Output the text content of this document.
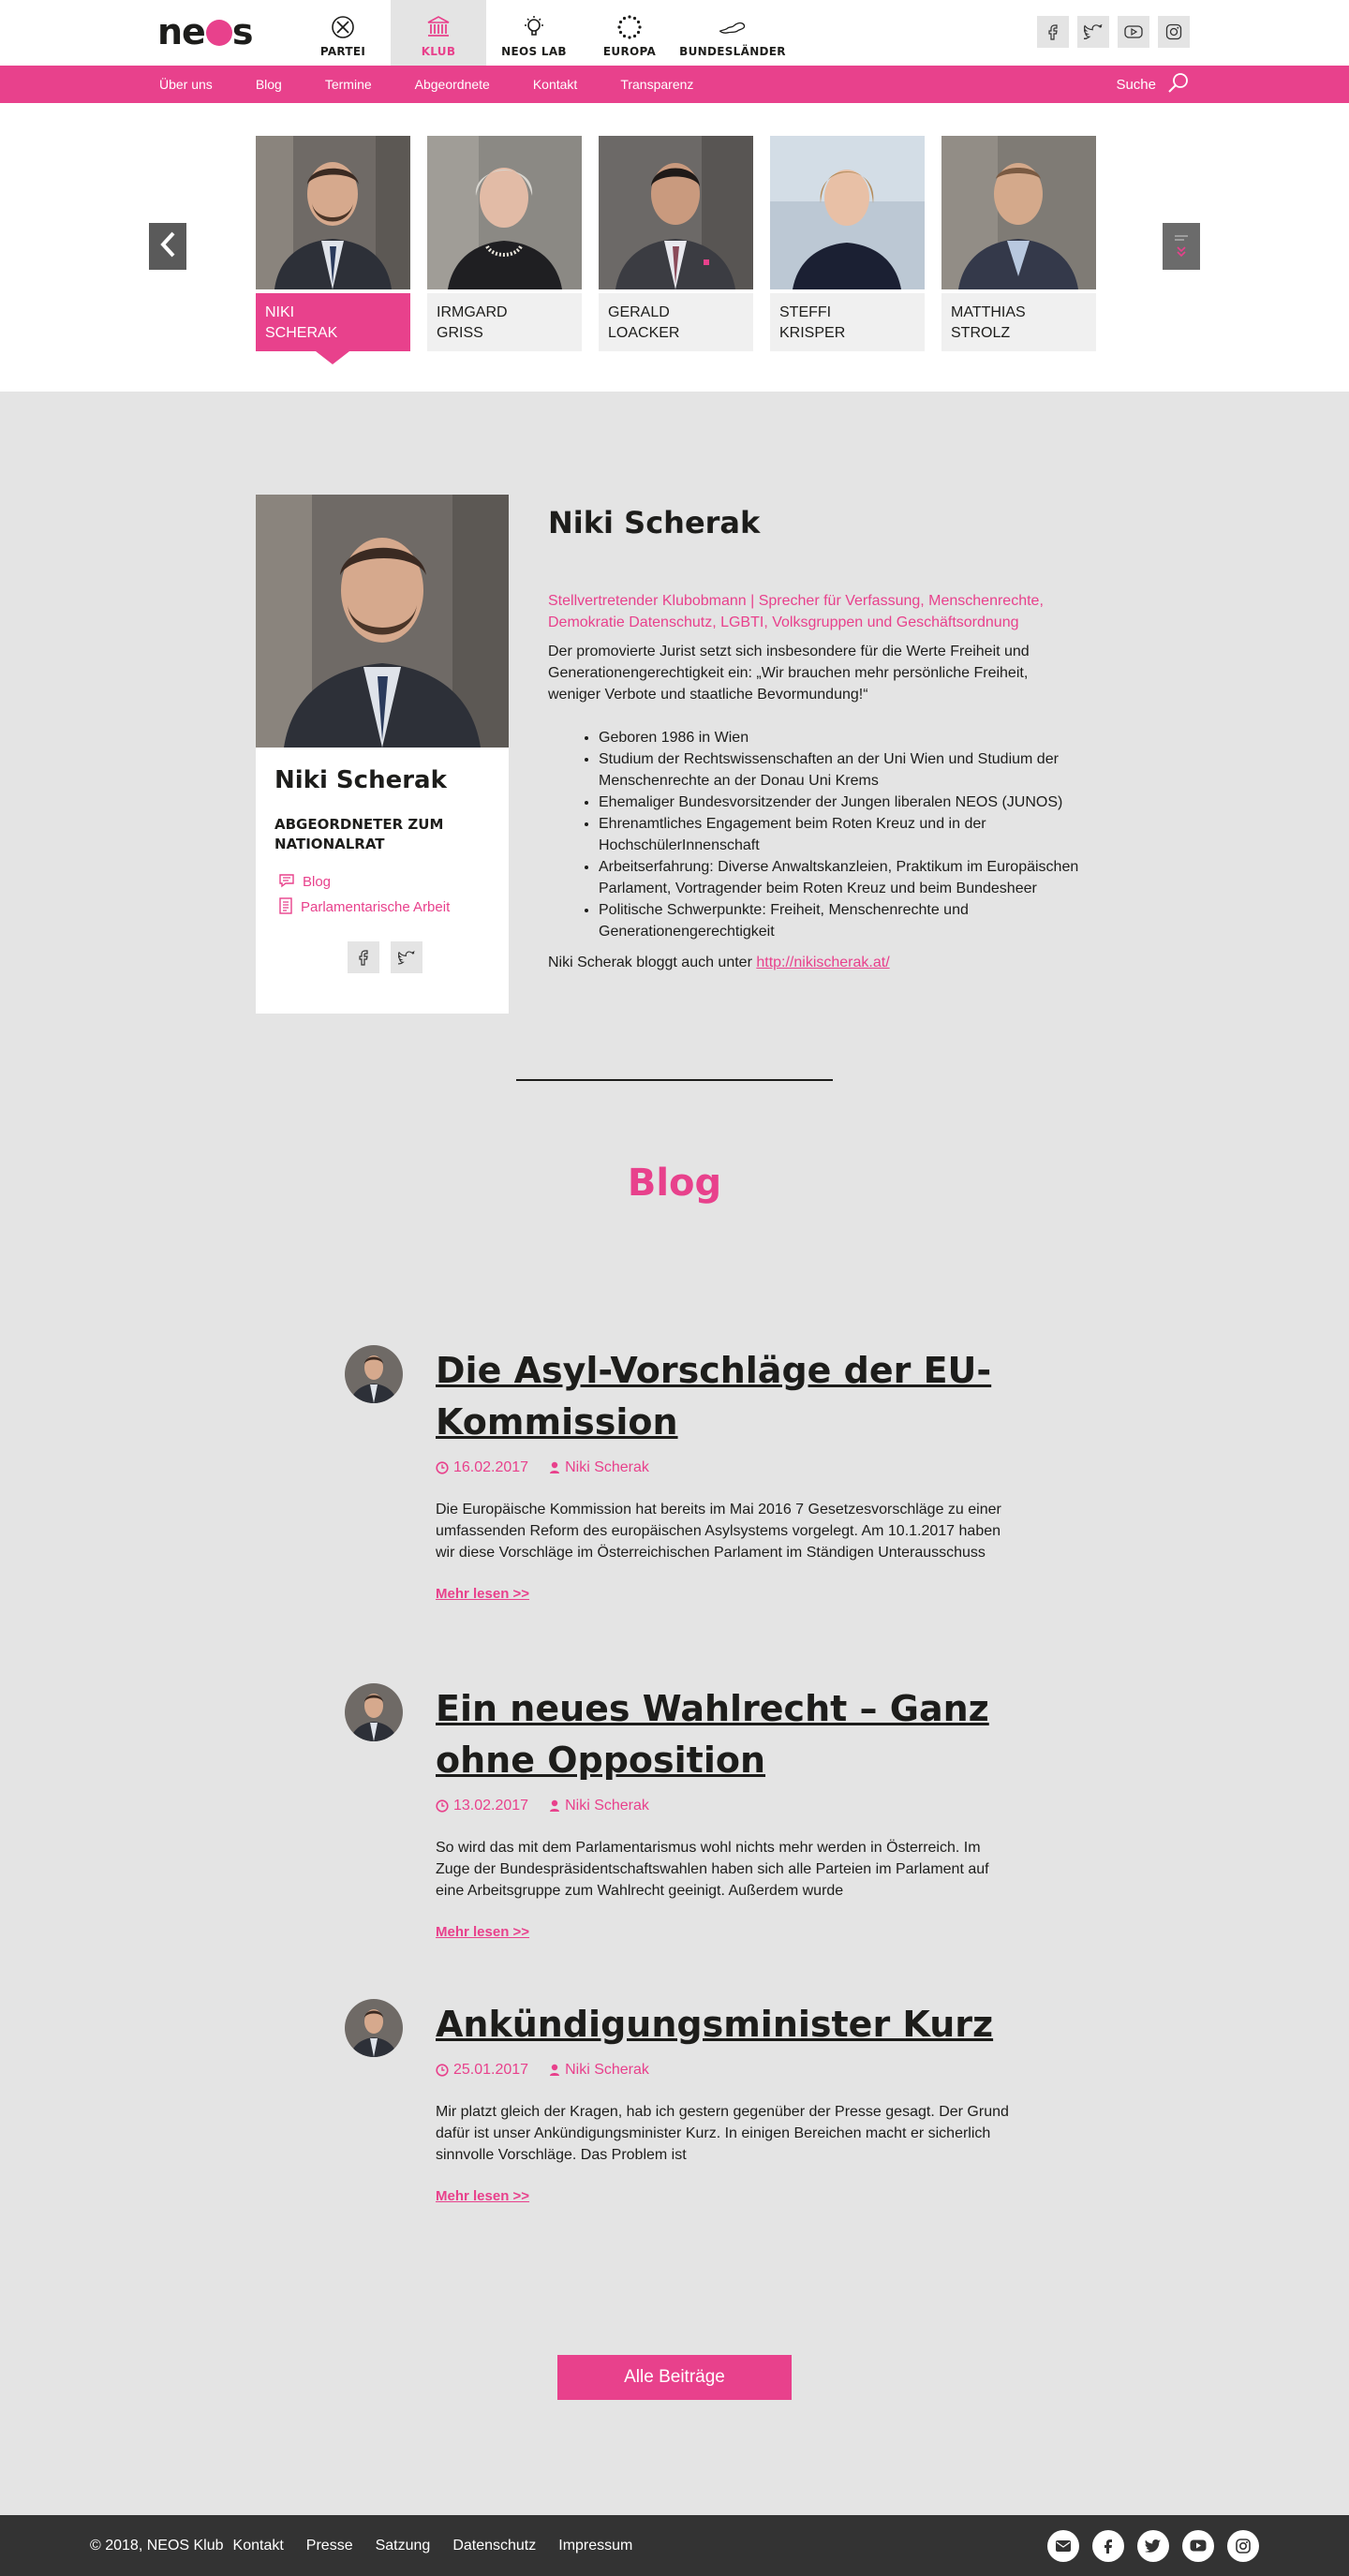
ne s	PARTEI	KLUB	NEOS LAB	EUROPA BUNDESLÄNDER
Über uns	Blog	Termine	Abgeordnete	Kontakt	Transparenz	Suche
NIKI
SCHERAK
IRMGARD
GRISS
GERALD
LOACKER
STEFFI
KRISPER
MATTHIAS
STROLZ
Niki Scherak
ABGEORDNETER ZUM NATIONALRAT
Blog
Parlamentarische Arbeit
Niki Scherak

Stellvertretender Klubobmann | Sprecher für Verfassung, Menschenrechte, Demokratie Datenschutz, LGBTI, Volksgruppen und Geschäftsordnung

Der promovierte Jurist setzt sich insbesondere für die Werte Freiheit und Generationengerechtigkeit ein: „Wir brauchen mehr persönliche Freiheit, weniger Verbote und staatliche Bevormundung!“

• Geboren 1986 in Wien
• Studium der Rechtswissenschaften an der Uni Wien und Studium der Menschenrechte an der Donau Uni Krems
• Ehemaliger Bundesvorsitzender der Jungen liberalen NEOS (JUNOS)
• Ehrenamtliches Engagement beim Roten Kreuz und in der HochschülerInnenschaft
• Arbeitserfahrung: Diverse Anwaltskanzleien, Praktikum im Europäischen Parlament, Vortragender beim Roten Kreuz und beim Bundesheer
• Politische Schwerpunkte: Freiheit, Menschenrechte und Generationengerechtigkeit

Niki Scherak bloggt auch unter http://nikischerak.at/

Blog
Die Asyl-Vorschläge der EU-Kommission
16.02.2017 Niki Scherak

Die Europäische Kommission hat bereits im Mai 2016 7 Gesetzesvorschläge zu einer umfassenden Reform des europäischen Asylsystems vorgelegt. Am 10.1.2017 haben wir diese Vorschläge im Österreichischen Parlament im Ständigen Unterausschuss

Mehr lesen >>
Ein neues Wahlrecht – Ganz ohne Opposition
13.02.2017 Niki Scherak

So wird das mit dem Parlamentarismus wohl nichts mehr werden in Österreich. Im Zuge der Bundespräsidentschaftswahlen haben sich alle Parteien im Parlament auf eine Arbeitsgruppe zum Wahlrecht geeinigt. Außerdem wurde

Mehr lesen >>
Ankündigungsminister Kurz
25.01.2017 Niki Scherak

Mir platzt gleich der Kragen, hab ich gestern gegenüber der Presse gesagt. Der Grund dafür ist unser Ankündigungsminister Kurz. In einigen Bereichen macht er sicherlich sinnvolle Vorschläge. Das Problem ist

Mehr lesen >>
Alle Beiträge
© 2018, NEOS Klub Kontakt Presse Satzung Datenschutz Impressum
